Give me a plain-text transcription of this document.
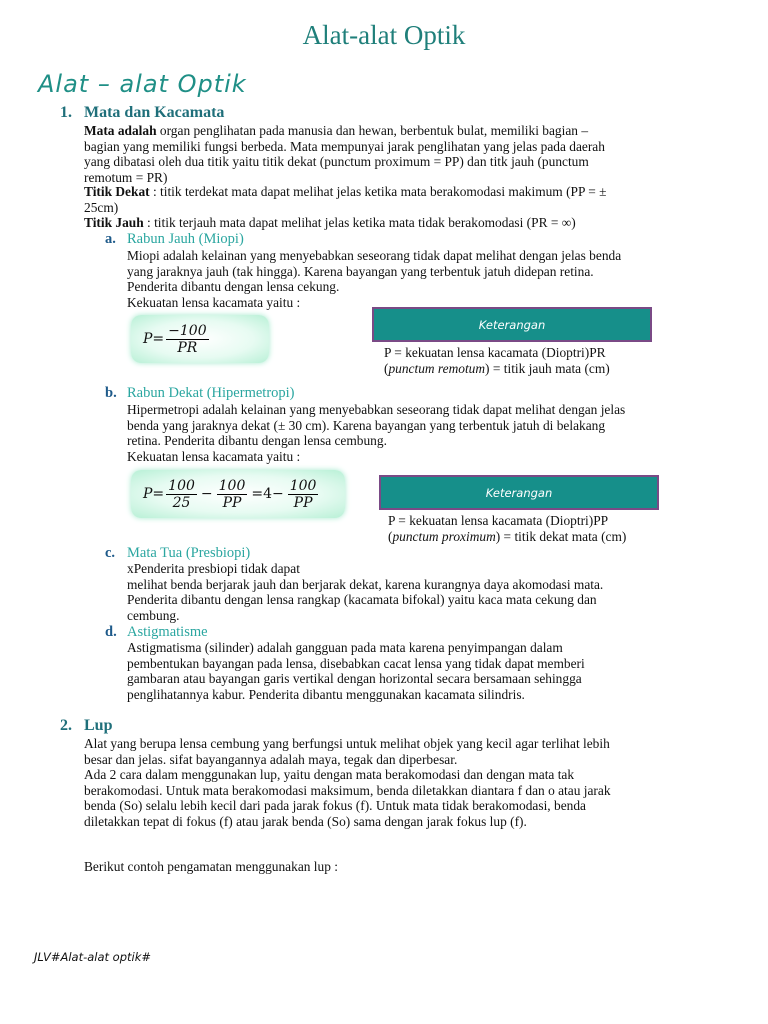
Alat-alat Optik
Alat – alat Optik
1. Mata dan Kacamata
Mata adalah organ penglihatan pada manusia dan hewan, berbentuk bulat, memiliki bagian –
bagian yang memiliki fungsi berbeda. Mata mempunyai jarak penglihatan yang jelas pada daerah
yang dibatasi oleh dua titik yaitu titik dekat (punctum proximum = PP) dan titk jauh (punctum
remotum = PR)
Titik Dekat : titik terdekat mata dapat melihat jelas ketika mata berakomodasi makimum (PP = ±
25cm)
Titik Jauh : titik terjauh mata dapat melihat jelas ketika mata tidak berakomodasi (PR = ∞)
a. Rabun Jauh (Miopi)
Miopi adalah kelainan yang menyebabkan seseorang tidak dapat melihat dengan jelas benda
yang jaraknya jauh (tak hingga). Karena bayangan yang terbentuk jatuh didepan retina.
Penderita dibantu dengan lensa cekung.
Kekuatan lensa kacamata yaitu :
$P= \frac{-100}{PR}$	Keterangan
P = kekuatan lensa kacamata (Dioptri)PR
(punctum remotum) = titik jauh mata (cm)
b. Rabun Dekat (Hipermetropi)
Hipermetropi adalah kelainan yang menyebabkan seseorang tidak dapat melihat dengan jelas
benda yang jaraknya dekat (± 30 cm). Karena bayangan yang terbentuk jatuh di belakang
retina. Penderita dibantu dengan lensa cembung.
Kekuatan lensa kacamata yaitu :
$P= \frac{100}{25} - \frac{100}{PP} =4- \frac{100}{PP}$	Keterangan
P = kekuatan lensa kacamata (Dioptri)PP
(punctum proximum) = titik dekat mata (cm)
c. Mata Tua (Presbiopi)
xPenderita presbiopi tidak dapat
melihat benda berjarak jauh dan berjarak dekat, karena kurangnya daya akomodasi mata.
Penderita dibantu dengan lensa rangkap (kacamata bifokal) yaitu kaca mata cekung dan
cembung.
d. Astigmatisme
Astigmatisma (silinder) adalah gangguan pada mata karena penyimpangan dalam
pembentukan bayangan pada lensa, disebabkan cacat lensa yang tidak dapat memberi
gambaran atau bayangan garis vertikal dengan horizontal secara bersamaan sehingga
penglihatannya kabur. Penderita dibantu menggunakan kacamata silindris.
2. Lup
Alat yang berupa lensa cembung yang berfungsi untuk melihat objek yang kecil agar terlihat lebih
besar dan jelas. sifat bayangannya adalah maya, tegak dan diperbesar.
Ada 2 cara dalam menggunakan lup, yaitu dengan mata berakomodasi dan dengan mata tak
berakomodasi. Untuk mata berakomodasi maksimum, benda diletakkan diantara f dan o atau jarak
benda (So) selalu lebih kecil dari pada jarak fokus (f). Untuk mata tidak berakomodasi, benda
diletakkan tepat di fokus (f) atau jarak benda (So) sama dengan jarak fokus lup (f).
Berikut contoh pengamatan menggunakan lup :
JLV#Alat-alat optik#
